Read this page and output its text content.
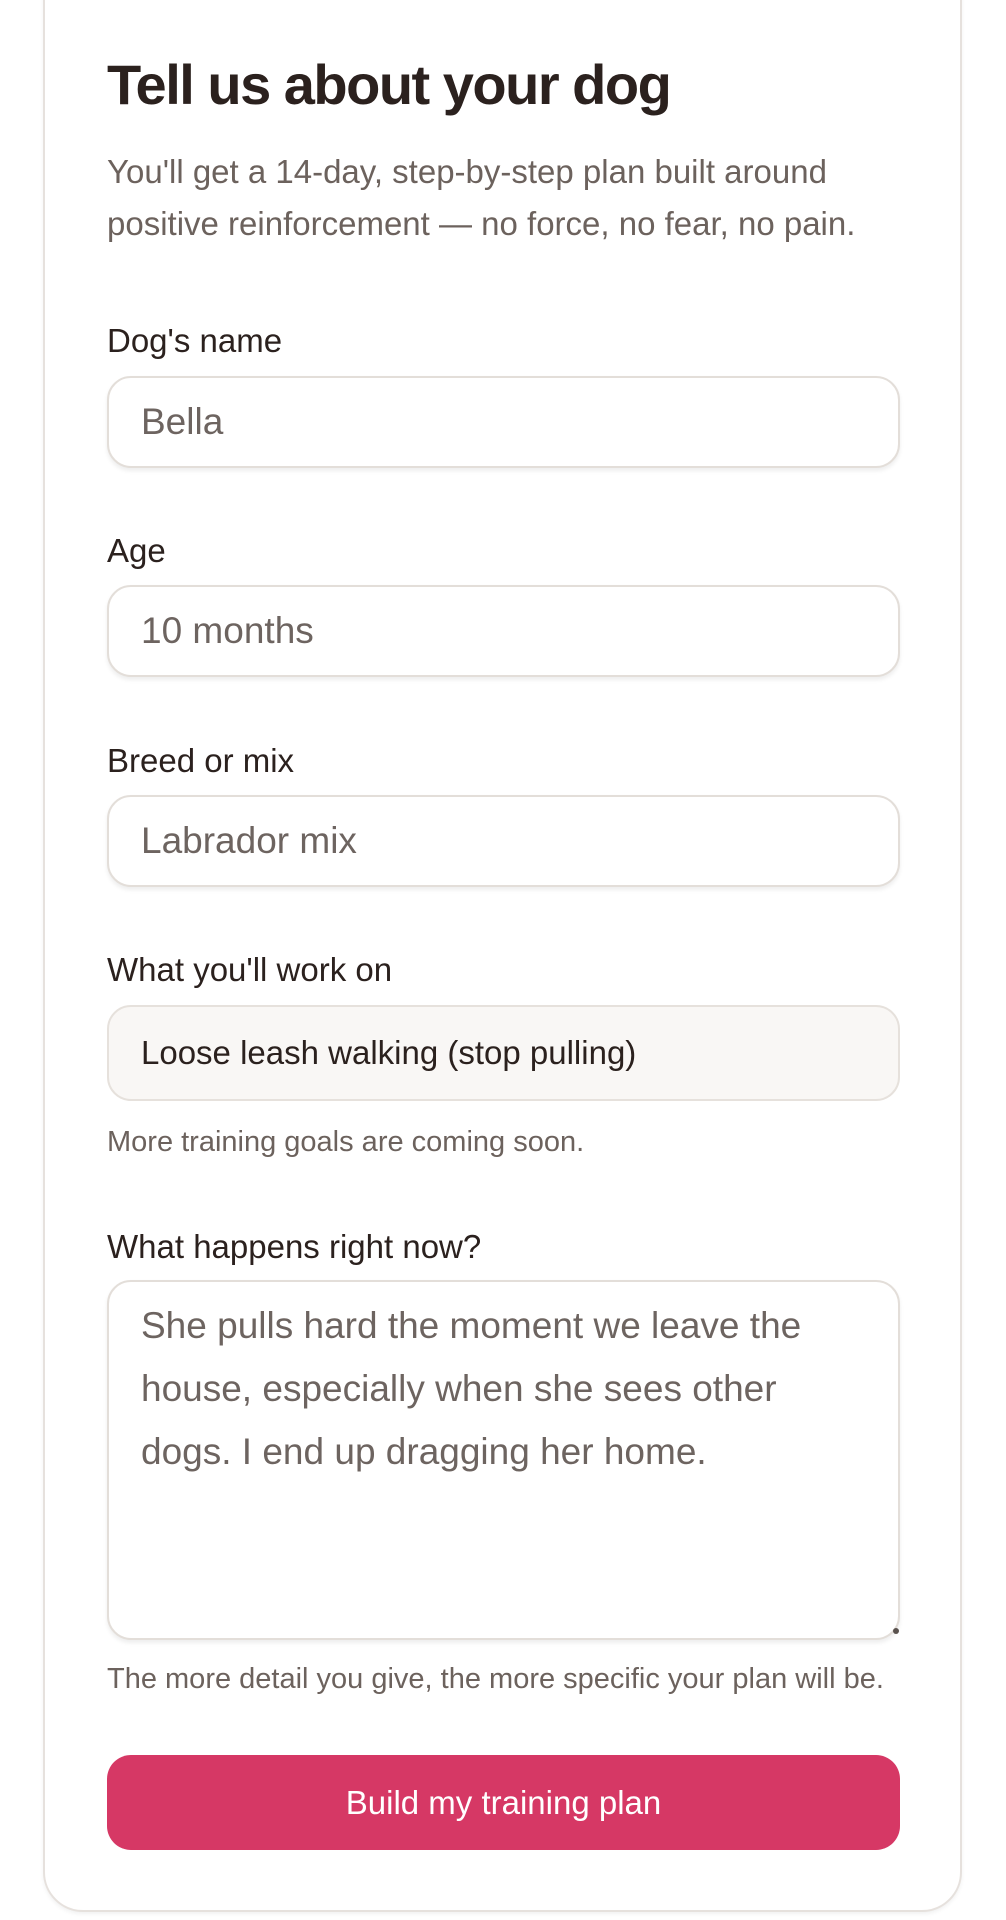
Tell us about your dog

You'll get a 14-day, step-by-step plan built around positive reinforcement — no force, no fear, no pain.

Dog's name
Bella
Age
10 months
Breed or mix
Labrador mix
What you'll work on
Loose leash walking (stop pulling)

More training goals are coming soon.

What happens right now?
She pulls hard the moment we leave the house, especially when she sees other dogs. I end up dragging her home.

The more detail you give, the more specific your plan will be.

Build my training plan
